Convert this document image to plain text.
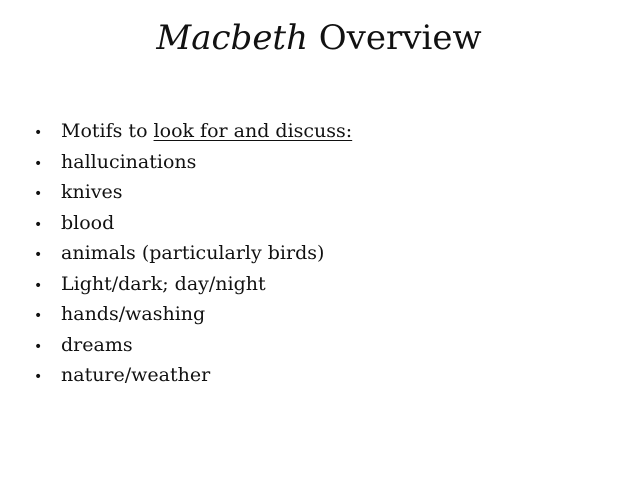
Macbeth Overview
• Motifs to look for and discuss:
• hallucinations
• knives
• blood
• animals (particularly birds)
• Light/dark; day/night
• hands/washing
• dreams
• nature/weather
